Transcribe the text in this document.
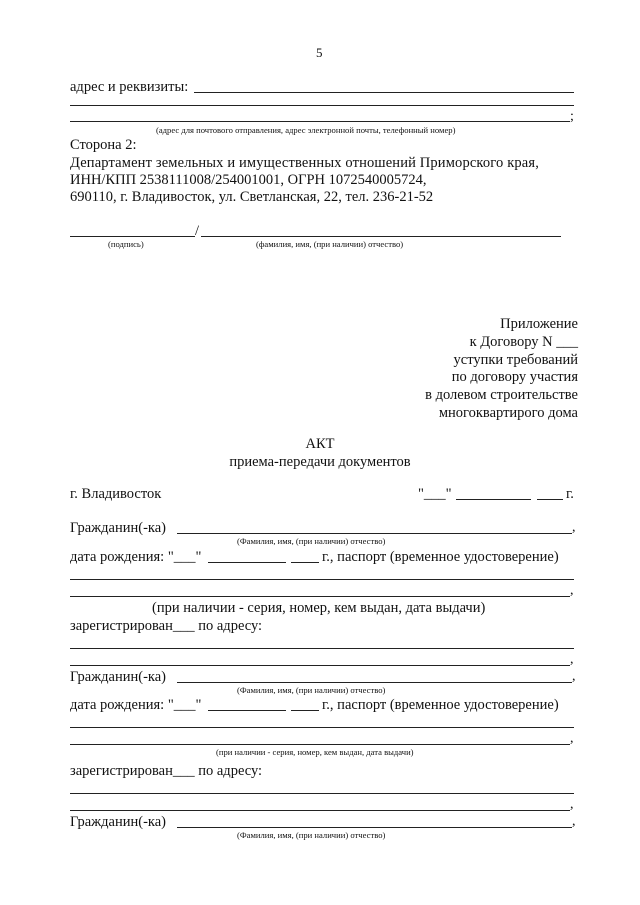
5
адрес и реквизиты:
;
(адрес для почтового отправления, адрес электронной почты, телефонный номер)
Сторона 2:
Департамент земельных и имущественных отношений Приморского края,
ИНН/КПП 2538111008/254001001, ОГРН 1072540005724,
690110, г. Владивосток, ул. Светланская, 22, тел. 236-21-52
/
(подпись)	(фамилия, имя, (при наличии) отчество)
Приложение
к Договору N ___
уступки требований
по договору участия
в долевом строительстве
многоквартирого дома
АКТ
приема-передачи документов
г. Владивосток	"___"	г.
Гражданин(-ка)	,
(Фамилия, имя, (при наличии) отчество)
дата рождения: "___"	г., паспорт (временное удостоверение)
,
(при наличии - серия, номер, кем выдан, дата выдачи)
зарегистрирован___ по адресу:
,
Гражданин(-ка)	,
(Фамилия, имя, (при наличии) отчество)
дата рождения: "___"	г., паспорт (временное удостоверение)
,
(при наличии - серия, номер, кем выдан, дата выдачи)
зарегистрирован___ по адресу:
,
Гражданин(-ка)	,
(Фамилия, имя, (при наличии) отчество)
